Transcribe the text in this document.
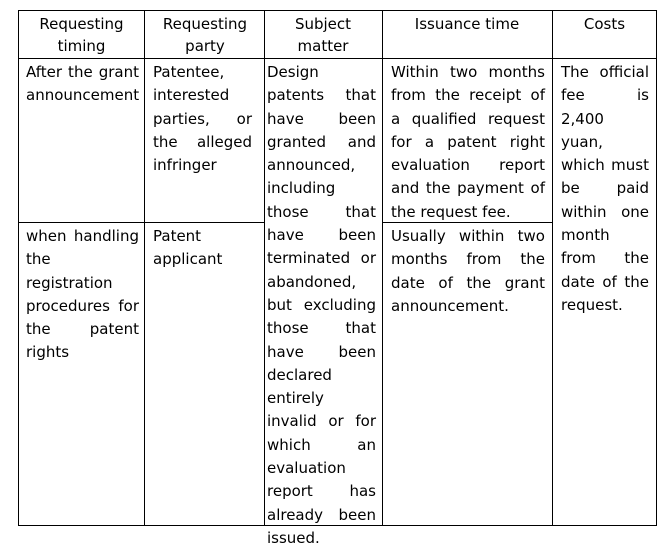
Requesting timing
Requesting party
Subject matter
Issuance time	Costs
After the grant announcement
Patentee, interested parties, or the alleged infringer
Within two months from the receipt of a qualified request for a patent right evaluation report and the payment of the request fee.
when handling the registration procedures for the patent rights
Patent applicant
Usually within two months from the date of the grant announcement.
Design patents that have been granted and announced, including those that have been terminated or abandoned, but excluding those that have been declared entirely invalid or for which an evaluation report has already been issued.
The official fee is 2,400 yuan, which must be paid within one month from the date of the request.
